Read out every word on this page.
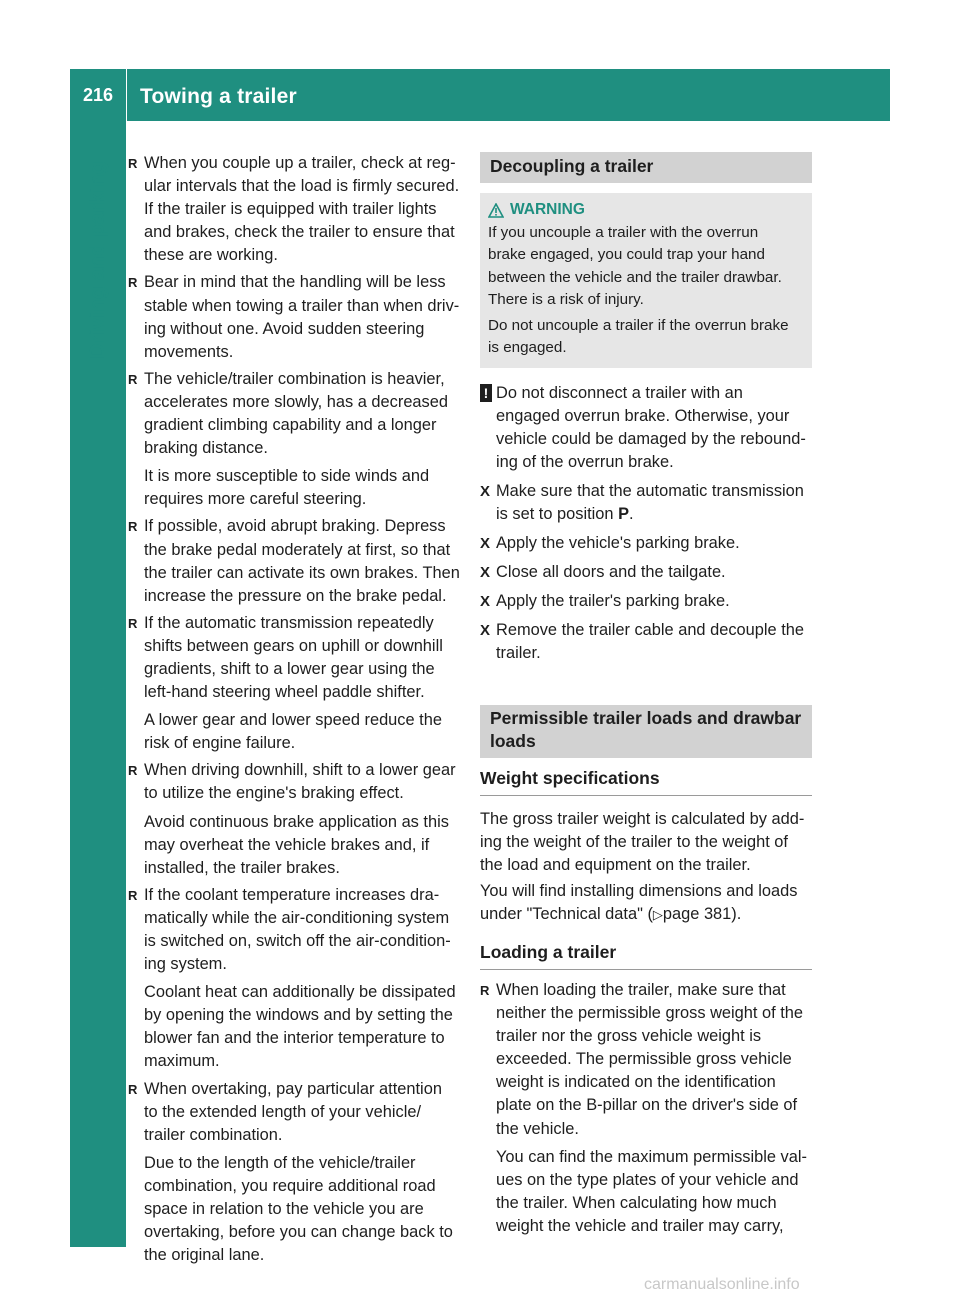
216	Towing a trailer
Driving and parking R When you couple up a trailer, check at reg-
ular intervals that the load is firmly secured.
If the trailer is equipped with trailer lights
and brakes, check the trailer to ensure that
these are working.
R Bear in mind that the handling will be less
stable when towing a trailer than when driv-
ing without one. Avoid sudden steering
movements.
R The vehicle/trailer combination is heavier,
accelerates more slowly, has a decreased
gradient climbing capability and a longer
braking distance.
It is more susceptible to side winds and
requires more careful steering.
R If possible, avoid abrupt braking. Depress
the brake pedal moderately at first, so that
the trailer can activate its own brakes. Then
increase the pressure on the brake pedal.
R If the automatic transmission repeatedly
shifts between gears on uphill or downhill
gradients, shift to a lower gear using the
left-hand steering wheel paddle shifter.
A lower gear and lower speed reduce the
risk of engine failure.
R When driving downhill, shift to a lower gear
to utilize the engine's braking effect.
Avoid continuous brake application as this
may overheat the vehicle brakes and, if
installed, the trailer brakes.
R If the coolant temperature increases dra-
matically while the air-conditioning system
is switched on, switch off the air-condition-
ing system.
Coolant heat can additionally be dissipated
by opening the windows and by setting the
blower fan and the interior temperature to
maximum.
R When overtaking, pay particular attention
to the extended length of your vehicle/
trailer combination.
Due to the length of the vehicle/trailer
combination, you require additional road
space in relation to the vehicle you are
overtaking, before you can change back to
the original lane.
Decoupling a trailer
WARNING

If you uncouple a trailer with the overrun
brake engaged, you could trap your hand
between the vehicle and the trailer drawbar.
There is a risk of injury.

Do not uncouple a trailer if the overrun brake
is engaged.

! Do not disconnect a trailer with an
engaged overrun brake. Otherwise, your
vehicle could be damaged by the rebound-
ing of the overrun brake.
X Make sure that the automatic transmission
is set to position P.
X Apply the vehicle's parking brake.
X Close all doors and the tailgate.
X Apply the trailer's parking brake.
X Remove the trailer cable and decouple the
trailer.
Permissible trailer loads and drawbar
loads
Weight specifications
The gross trailer weight is calculated by add-
ing the weight of the trailer to the weight of
the load and equipment on the trailer.
You will find installing dimensions and loads
under "Technical data" (▷page 381).
Loading a trailer
R When loading the trailer, make sure that
neither the permissible gross weight of the
trailer nor the gross vehicle weight is
exceeded. The permissible gross vehicle
weight is indicated on the identification
plate on the B-pillar on the driver's side of
the vehicle.
You can find the maximum permissible val-
ues on the type plates of your vehicle and
the trailer. When calculating how much
weight the vehicle and trailer may carry,
carmanualsonline.info
